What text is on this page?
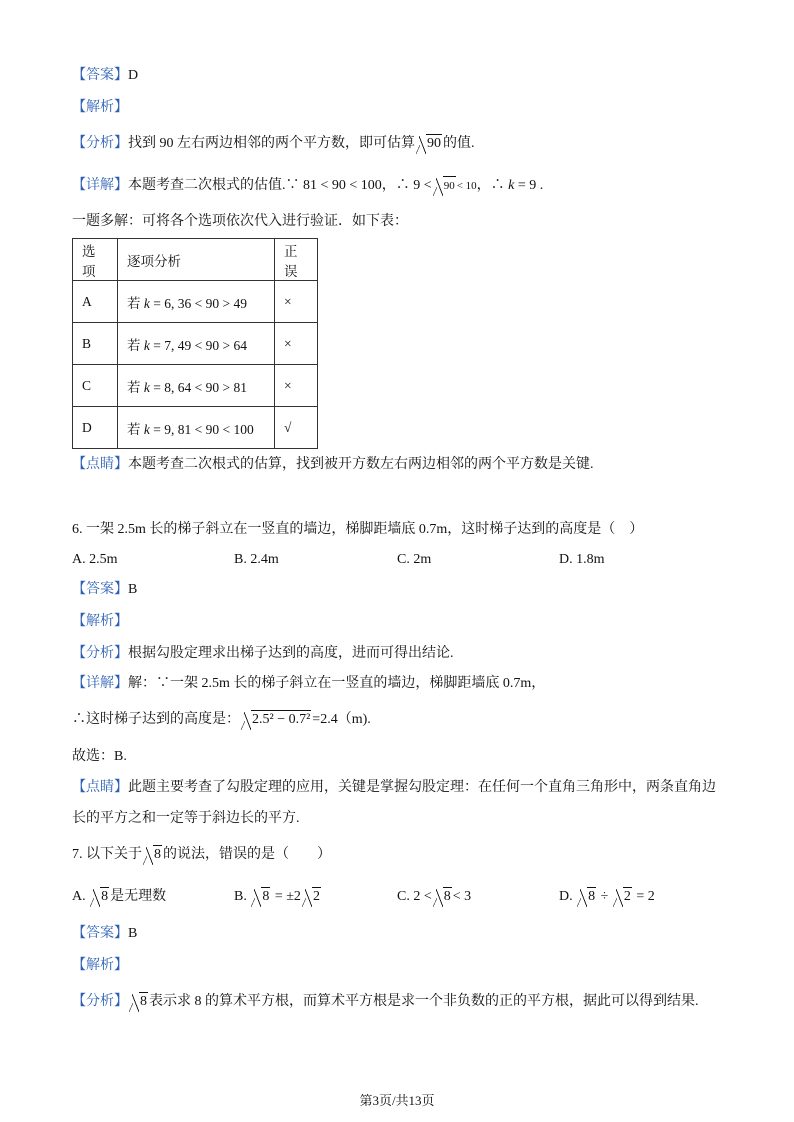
【答案】D
【解析】
【分析】找到 90 左右两边相邻的两个平方数，即可估算 90 的值.
【详解】本题考查二次根式的估值.∵ 81 < 90 < 100，∴ 9 < 90 < 10，∴ k = 9 .
一题多解：可将各个选项依次代入进行验证．如下表：
选项	逐项分析	正误
A	若 k = 6, 36 < 90 > 49	×
B	若 k = 7, 49 < 90 > 64	×
C	若 k = 8, 64 < 90 > 81	×
D	若 k = 9, 81 < 90 < 100	√
【点睛】本题考查二次根式的估算，找到被开方数左右两边相邻的两个平方数是关键.
6. 一架 2.5m 长的梯子斜立在一竖直的墙边，梯脚距墙底 0.7m，这时梯子达到的高度是（　）
A. 2.5m	B. 2.4m	C. 2m	D. 1.8m
【答案】B
【解析】
【分析】根据勾股定理求出梯子达到的高度，进而可得出结论.
【详解】解：∵一架 2.5m 长的梯子斜立在一竖直的墙边，梯脚距墙底 0.7m，
∴这时梯子达到的高度是： 2.5² − 0.7² =2.4（m).
故选：B.
【点睛】此题主要考查了勾股定理的应用，关键是掌握勾股定理：在任何一个直角三角形中，两条直角边
长的平方之和一定等于斜边长的平方.
7. 以下关于 8 的说法，错误的是（　　）
A. 8 是无理数	B. 8 = ±2 2	C. 2 < 8 < 3	D. 8 ÷ 2 = 2
【答案】B
【解析】
【分析】 8 表示求 8 的算术平方根，而算术平方根是求一个非负数的正的平方根，据此可以得到结果.
第3页/共13页
